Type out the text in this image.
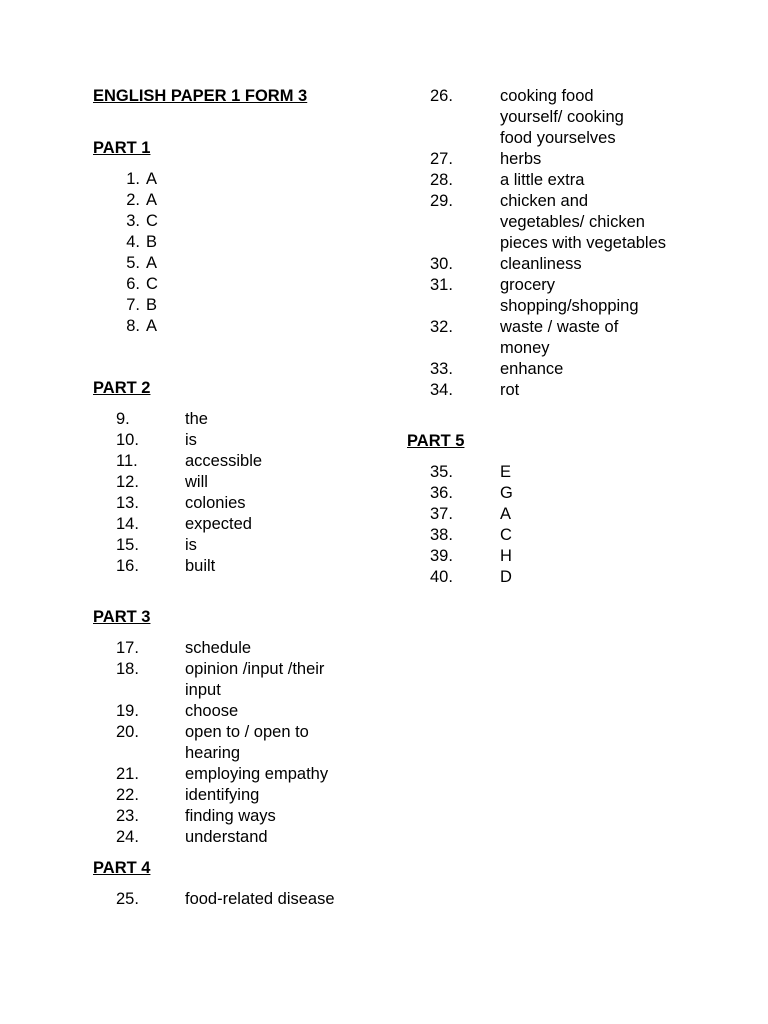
ENGLISH PAPER 1 FORM 3
PART 1
1. A
2. A
3. C
4. B
5. A
6. C
7. B
8. A
PART 2
9.	the
10.	is
11.	accessible
12.	will
13.	colonies
14.	expected
15.	is
16.	built
PART 3
17.	schedule
18.	opinion /input /their input
19.	choose
20.	open to / open to hearing
21.	employing empathy
22.	identifying
23.	finding ways
24.	understand
PART 4
25.	food-related disease
26.	cooking food yourself/ cooking food yourselves
27.	herbs
28.	a little extra
29.	chicken and vegetables/ chicken pieces with vegetables
30.	cleanliness
31.	grocery shopping/shopping
32.	waste / waste of money
33.	enhance
34.	rot
PART 5
35.	E
36.	G
37.	A
38.	C
39.	H
40.	D
